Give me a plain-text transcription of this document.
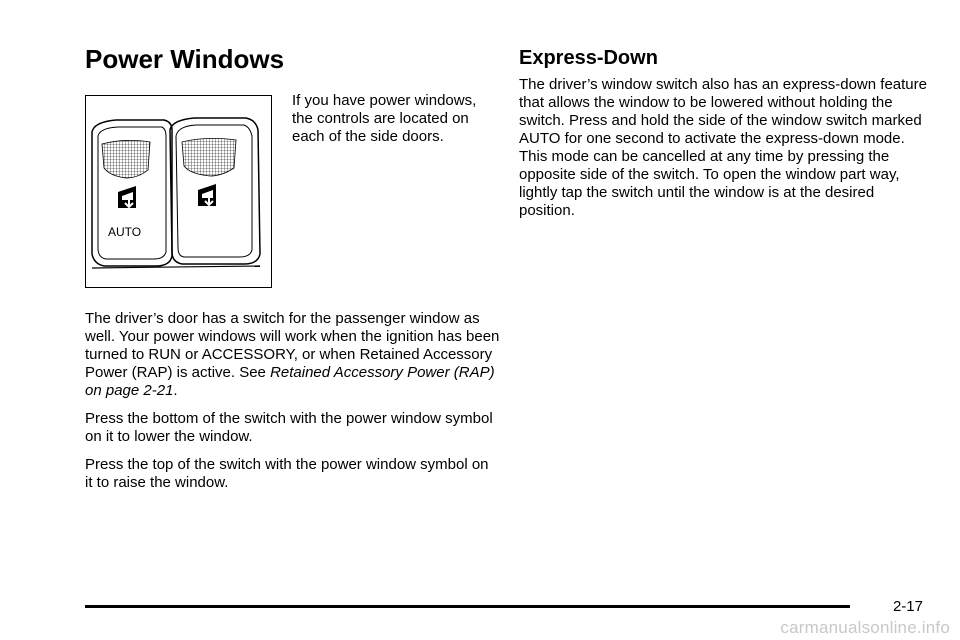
Power Windows
AUTO

If you have power windows, the controls are located on each of the side doors.

The driver’s door has a switch for the passenger window as well. Your power windows will work when the ignition has been turned to RUN or ACCESSORY, or when Retained Accessory Power (RAP) is active. See Retained Accessory Power (RAP) on page 2-21.

Press the bottom of the switch with the power window symbol on it to lower the window.

Press the top of the switch with the power window symbol on it to raise the window.

Express-Down

The driver’s window switch also has an express-down feature that allows the window to be lowered without holding the switch. Press and hold the side of the window switch marked AUTO for one second to activate the express-down mode. This mode can be cancelled at any time by pressing the opposite side of the switch. To open the window part way, lightly tap the switch until the window is at the desired position.

2-17
carmanualsonline.info
